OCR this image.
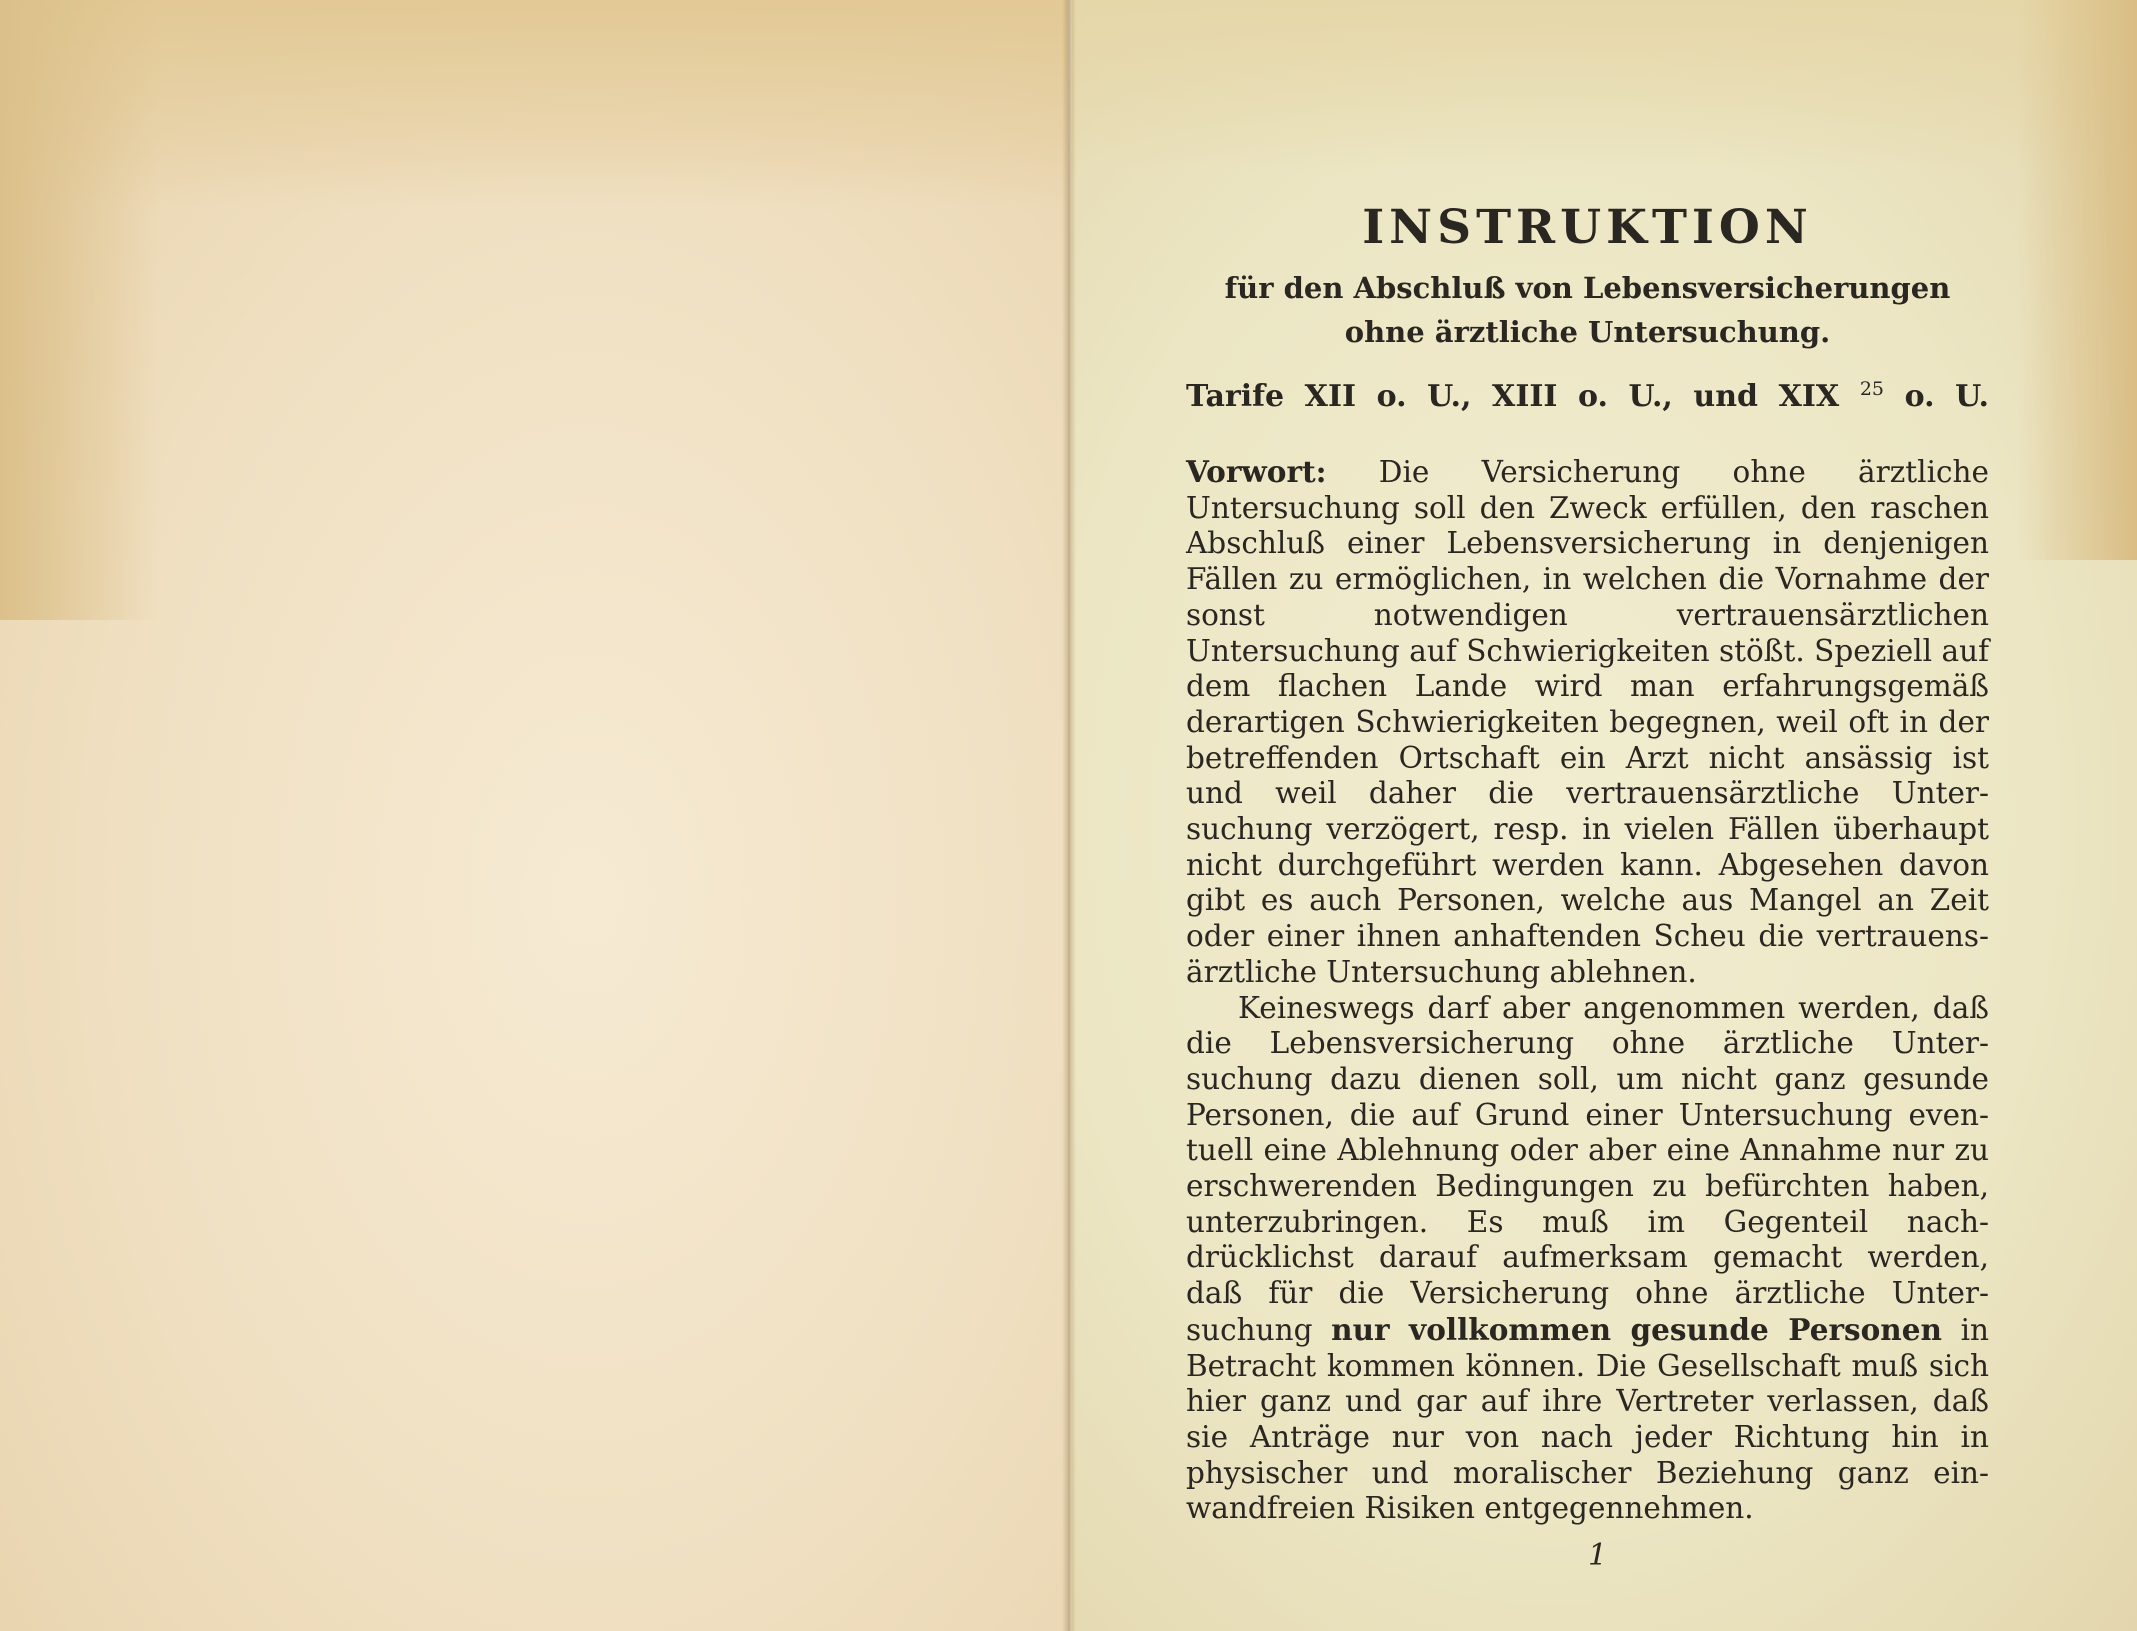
INSTRUKTION

für den Abschluß von Lebensversicherungen
ohne ärztliche Untersuchung.

Tarife XII o. U., XIII o. U., und XIX $^{25}$ o. U.

Vorwort: Die Versicherung ohne ärztliche Untersuchung soll den Zweck erfüllen, den raschen Abschluß einer Lebensversicherung in denjenigen Fällen zu ermöglichen, in welchen die Vornahme der sonst notwendigen vertrauensärztlichen Untersuchung auf Schwierigkeiten stößt. Speziell auf dem flachen Lande wird man erfahrungsgemäß derartigen Schwierigkeiten begegnen, weil oft in der betreffenden Ortschaft ein Arzt nicht ansässig ist und weil daher die vertrauensärztliche Untersuchung verzögert, resp. in vielen Fällen überhaupt nicht durchgeführt werden kann. Abgesehen davon gibt es auch Personen, welche aus Mangel an Zeit oder einer ihnen anhaftenden Scheu die vertrauensärztliche Untersuchung ablehnen.

Keineswegs darf aber angenommen werden, daß die Lebensversicherung ohne ärztliche Untersuchung dazu dienen soll, um nicht ganz gesunde Personen, die auf Grund einer Untersuchung eventuell eine Ablehnung oder aber eine Annahme nur zu erschwerenden Bedingungen zu befürchten haben, unterzubringen. Es muß im Gegenteil nachdrücklichst darauf aufmerksam gemacht werden, daß für die Versicherung ohne ärztliche Untersuchung nur vollkommen gesunde Personen in Betracht kommen können. Die Gesellschaft muß sich hier ganz und gar auf ihre Vertreter verlassen, daß sie Anträge nur von nach jeder Richtung hin in physischer und moralischer Beziehung ganz einwandfreien Risiken entgegennehmen.

1
